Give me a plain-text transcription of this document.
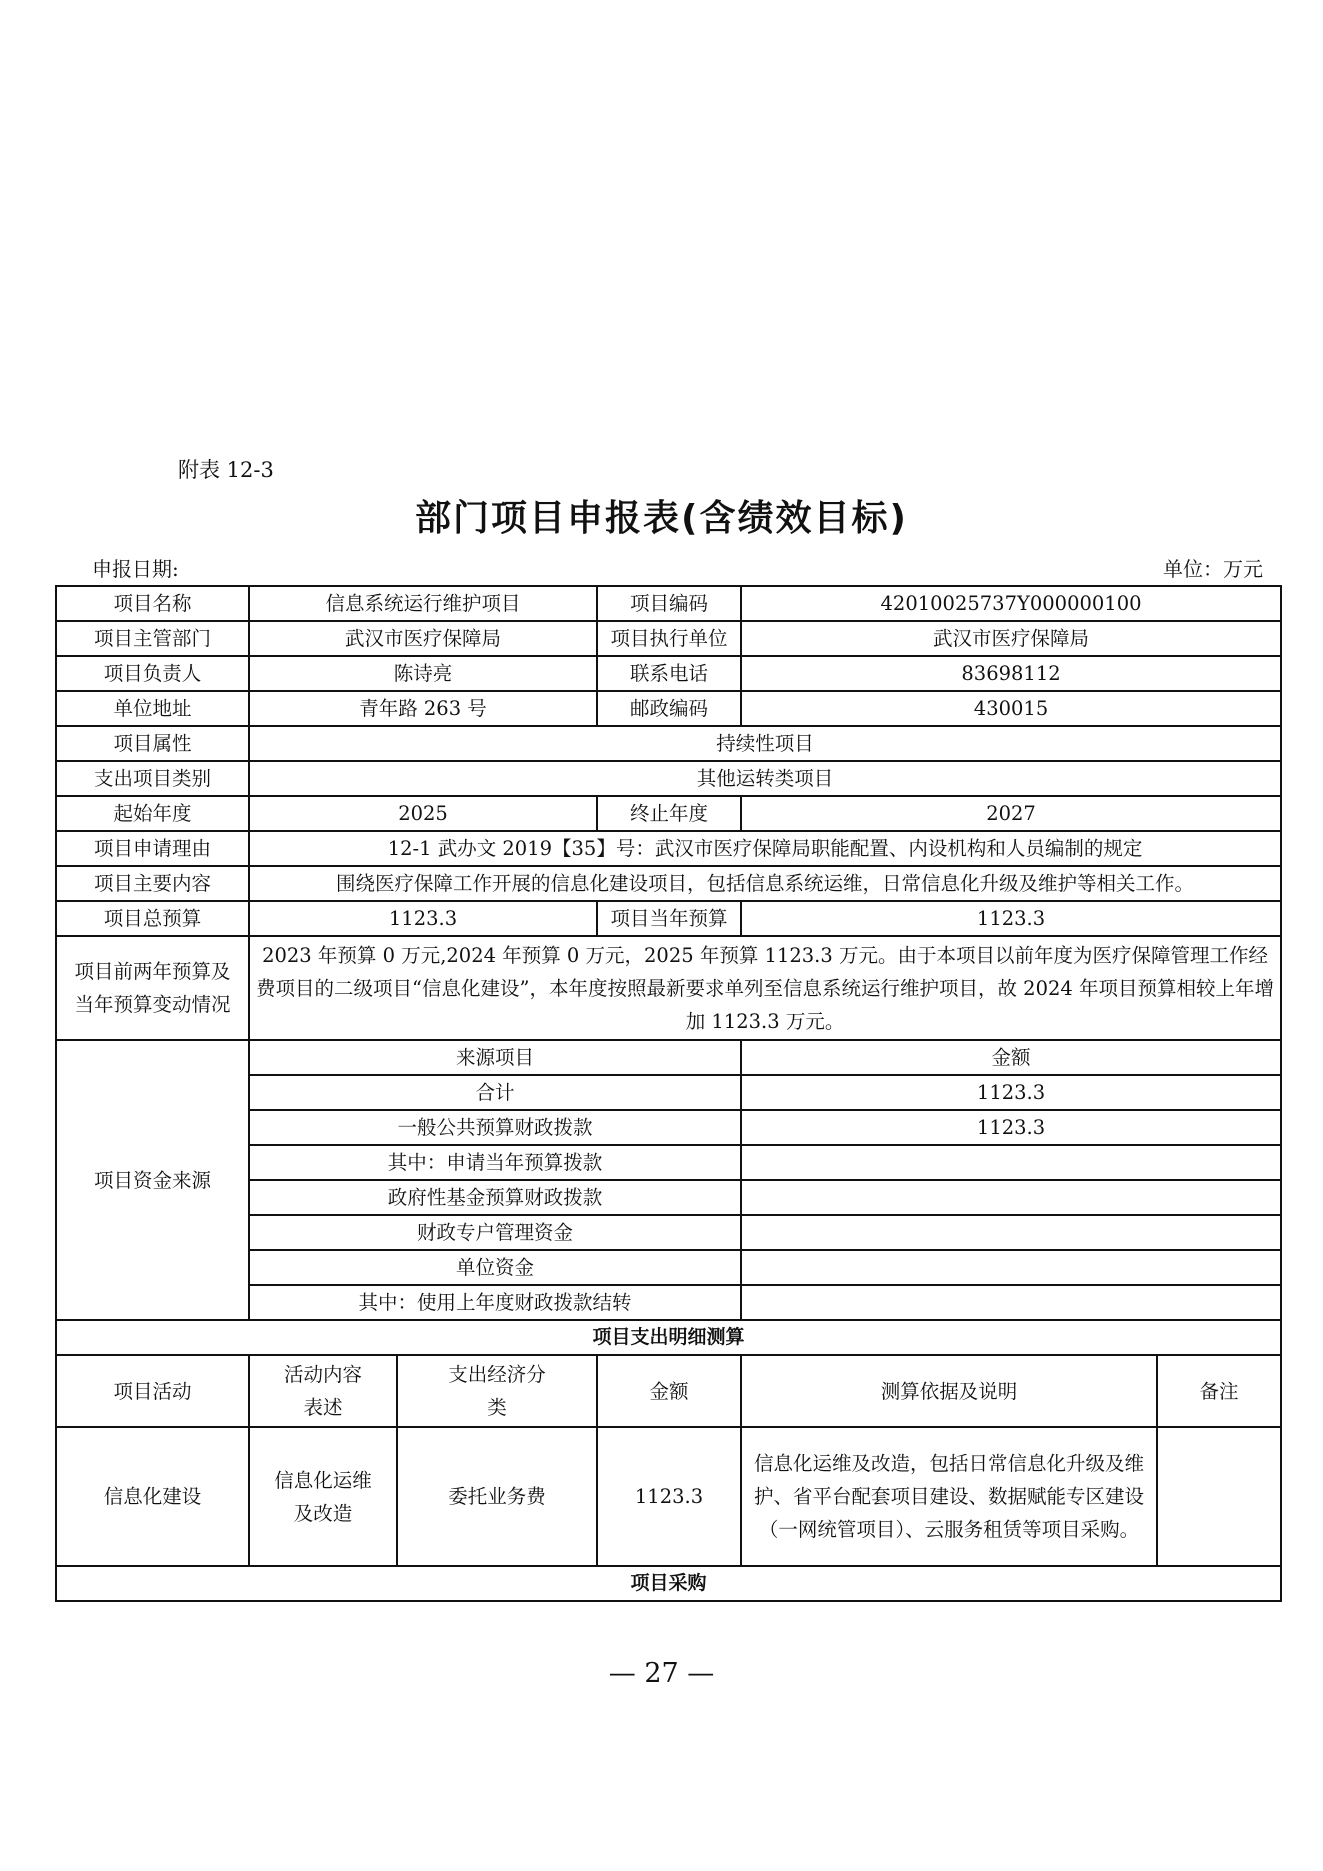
附表 12-3
部门项目申报表(含绩效目标)
申报日期:	单位：万元
项目名称	信息系统运行维护项目		项目编码	42010025737Y000000100	
项目主管部门	武汉市医疗保障局		项目执行单位	武汉市医疗保障局	
项目负责人	陈诗亮		联系电话	83698112	
单位地址	青年路 263 号		邮政编码	430015	
项目属性	持续性项目				
支出项目类别	其他运转类项目				
起始年度	2025		终止年度	2027	
项目申请理由	12-1 武办文 2019【35】号：武汉市医疗保障局职能配置、内设机构和人员编制的规定				
项目主要内容	围绕医疗保障工作开展的信息化建设项目，包括信息系统运维，日常信息化升级及维护等相关工作。				
项目总预算	1123.3		项目当年预算	1123.3	
项目前两年预算及当年预算变动情况	2023 年预算 0 万元,2024 年预算 0 万元，2025 年预算 1123.3 万元。由于本项目以前年度为医疗保障管理工作经费项目的二级项目“信息化建设”，本年度按照最新要求单列至信息系统运行维护项目，故 2024 年项目预算相较上年增加 1123.3 万元。				
项目资金来源	来源项目			金额	
	合计			1123.3	
	一般公共预算财政拨款			1123.3	
	其中：申请当年预算拨款				
	政府性基金预算财政拨款				
	财政专户管理资金				
	单位资金				
	其中：使用上年度财政拨款结转				
项目支出明细测算					
项目活动	活动内容表述	支出经济分类	金额	测算依据及说明	备注
信息化建设	信息化运维及改造	委托业务费	1123.3	信息化运维及改造，包括日常信息化升级及维护、省平台配套项目建设、数据赋能专区建设（一网统管项目）、云服务租赁等项目采购。	
项目采购					
— 27 —
